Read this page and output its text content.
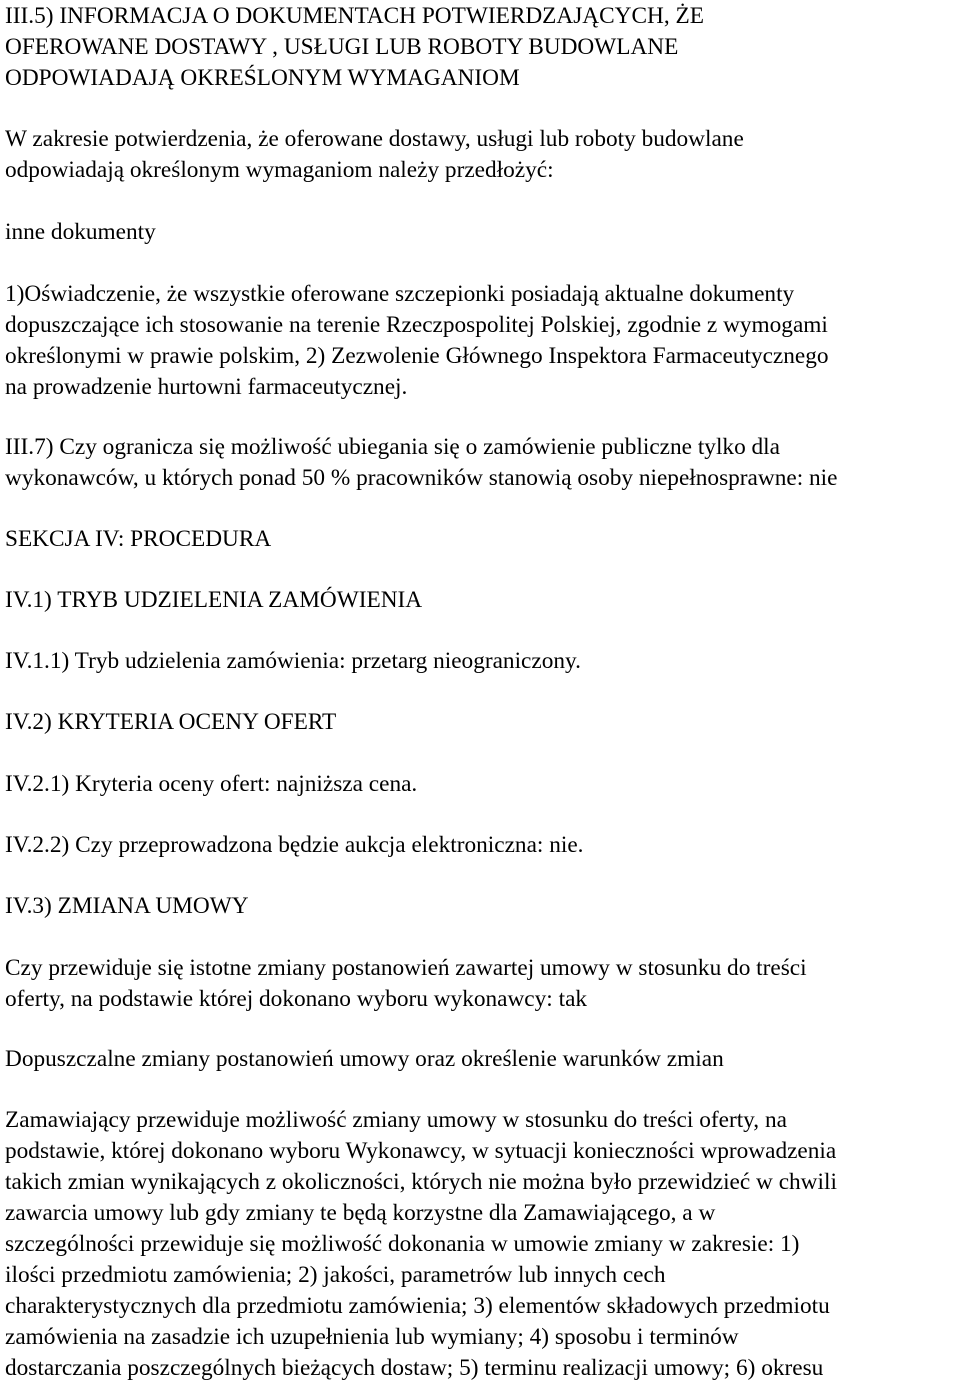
III.5) INFORMACJA O DOKUMENTACH POTWIERDZAJĄCYCH, ŻE

OFEROWANE DOSTAWY , USŁUGI LUB ROBOTY BUDOWLANE

ODPOWIADAJĄ OKREŚLONYM WYMAGANIOM

W zakresie potwierdzenia, że oferowane dostawy, usługi lub roboty budowlane

odpowiadają określonym wymaganiom należy przedłożyć:

inne dokumenty

1)Oświadczenie, że wszystkie oferowane szczepionki posiadają aktualne dokumenty

dopuszczające ich stosowanie na terenie Rzeczpospolitej Polskiej, zgodnie z wymogami

określonymi w prawie polskim, 2) Zezwolenie Głównego Inspektora Farmaceutycznego

na prowadzenie hurtowni farmaceutycznej.

III.7) Czy ogranicza się możliwość ubiegania się o zamówienie publiczne tylko dla

wykonawców, u których ponad 50 % pracowników stanowią osoby niepełnosprawne: nie

SEKCJA IV: PROCEDURA

IV.1) TRYB UDZIELENIA ZAMÓWIENIA

IV.1.1) Tryb udzielenia zamówienia: przetarg nieograniczony.

IV.2) KRYTERIA OCENY OFERT

IV.2.1) Kryteria oceny ofert: najniższa cena.

IV.2.2) Czy przeprowadzona będzie aukcja elektroniczna: nie.

IV.3) ZMIANA UMOWY

Czy przewiduje się istotne zmiany postanowień zawartej umowy w stosunku do treści

oferty, na podstawie której dokonano wyboru wykonawcy: tak

Dopuszczalne zmiany postanowień umowy oraz określenie warunków zmian

Zamawiający przewiduje możliwość zmiany umowy w stosunku do treści oferty, na

podstawie, której dokonano wyboru Wykonawcy, w sytuacji konieczności wprowadzenia

takich zmian wynikających z okoliczności, których nie można było przewidzieć w chwili

zawarcia umowy lub gdy zmiany te będą korzystne dla Zamawiającego, a w

szczególności przewiduje się możliwość dokonania w umowie zmiany w zakresie: 1)

ilości przedmiotu zamówienia; 2) jakości, parametrów lub innych cech

charakterystycznych dla przedmiotu zamówienia; 3) elementów składowych przedmiotu

zamówienia na zasadzie ich uzupełnienia lub wymiany; 4) sposobu i terminów

dostarczania poszczególnych bieżących dostaw; 5) terminu realizacji umowy; 6) okresu
